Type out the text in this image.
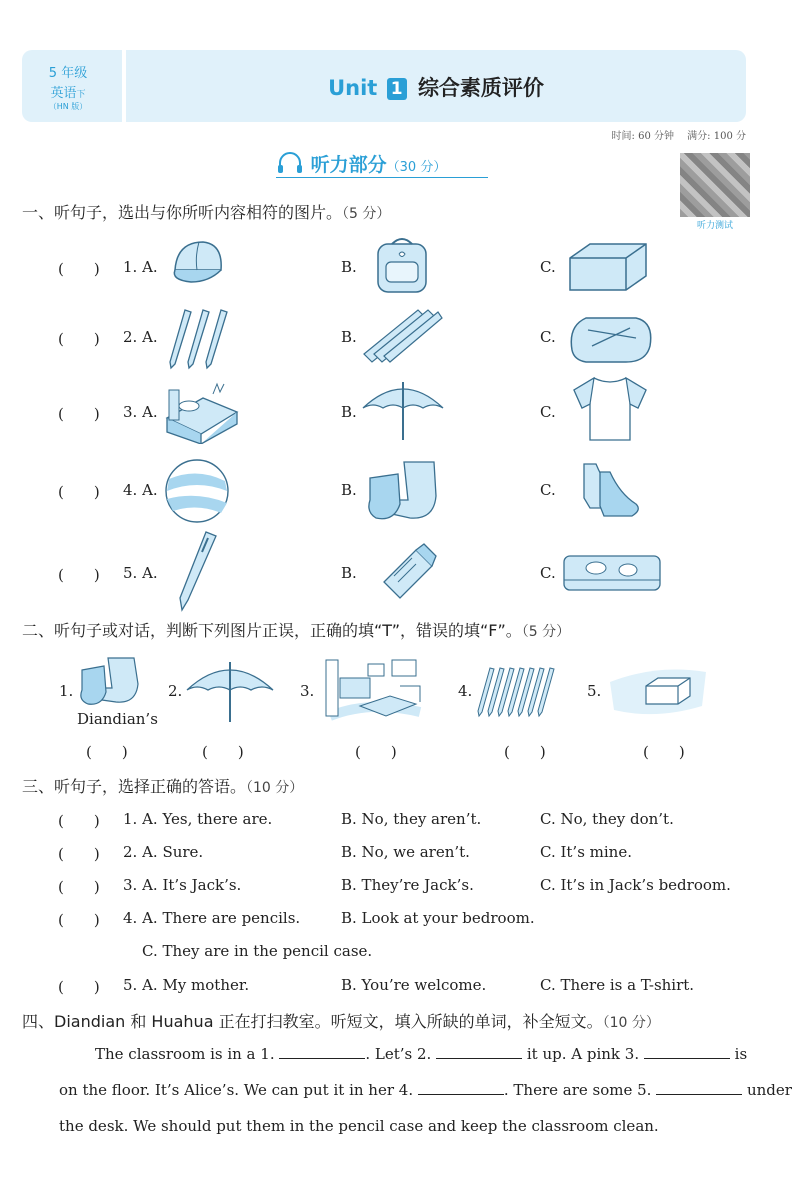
5 年级
英语下
（HN 版）
Unit 1 综合素质评价
时间: 60 分钟　 满分: 100 分
听力部分（30 分）
听力测试
一、听句子，选出与你所听内容相符的图片。（5 分）
(　　) 1. A.	B.	C.
(　　) 2. A.	B.	C.
(　　) 3. A.	B.	C.
(　　) 4. A.	B.	C.
(　　) 5. A.	B.	C.
二、听句子或对话，判断下列图片正误，正确的填“T”，错误的填“F”。（5 分）
1.
Diandian’s
2.	3.	4.	5.
(　　)	(　　)	(　　)	(　　)	(　　)
三、听句子，选择正确的答语。（10 分）
(　　) 1. A. Yes, there are.	B. No, they aren’t.	C. No, they don’t.
(　　) 2. A. Sure.	B. No, we aren’t.	C. It’s mine.
(　　) 3. A. It’s Jack’s.	B. They’re Jack’s.	C. It’s in Jack’s bedroom.
(　　) 4. A. There are pencils.	B. Look at your bedroom.
C. They are in the pencil case.
(　　) 5. A. My mother.	B. You’re welcome.	C. There is a T-shirt.
四、Diandian 和 Huahua 正在打扫教室。听短文，填入所缺的单词，补全短文。（10 分）
The classroom is in a 1.	. Let’s 2.	it up. A pink 3.	is
on the floor. It’s Alice’s. We can put it in her 4.	. There are some 5.	under
the desk. We should put them in the pencil case and keep the classroom clean.
